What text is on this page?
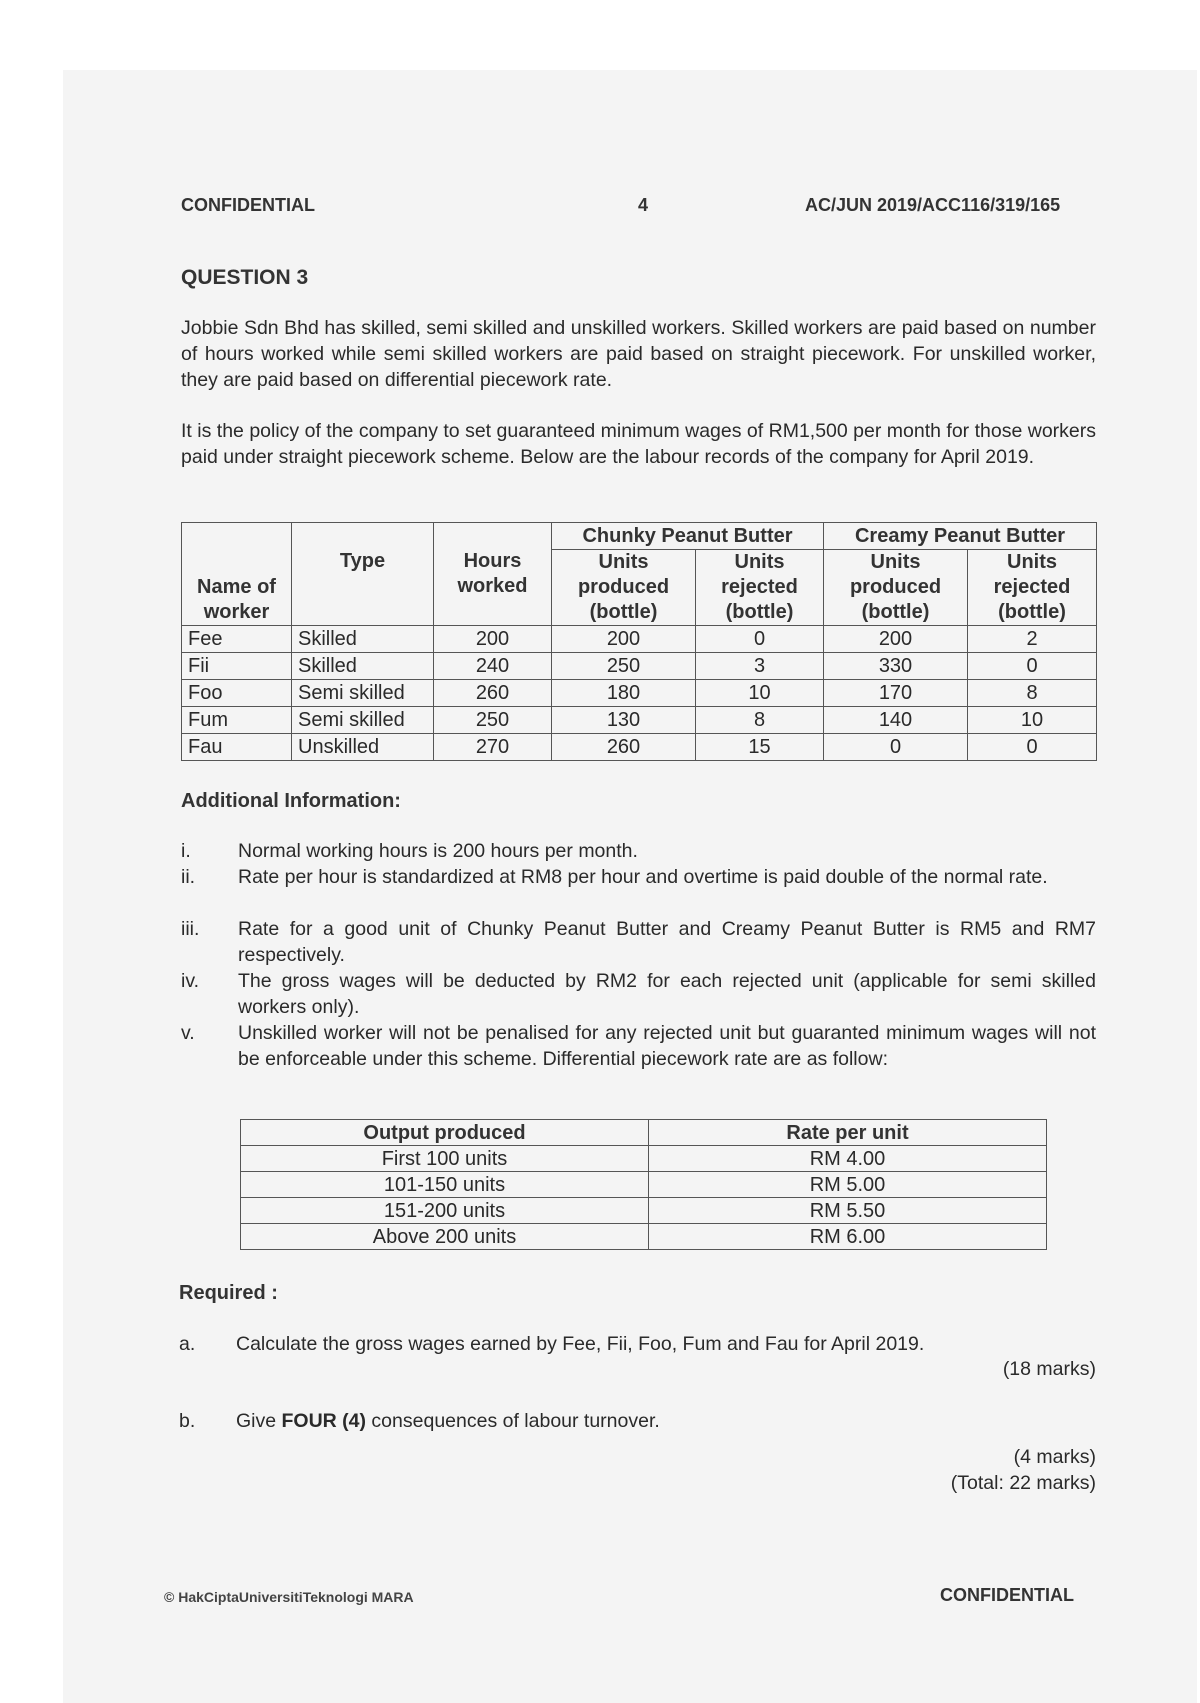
CONFIDENTIAL	4	AC/JUN 2019/ACC116/319/165
QUESTION 3

Jobbie Sdn Bhd has skilled, semi skilled and unskilled workers. Skilled workers are paid based on number of hours worked while semi skilled workers are paid based on straight piecework. For unskilled worker, they are paid based on differential piecework rate.

It is the policy of the company to set guaranteed minimum wages of RM1,500 per month for those workers paid under straight piecework scheme. Below are the labour records of the company for April 2019.

Name of worker	Type	Hours worked	Chunky Peanut Butter		Creamy Peanut Butter	
			Units produced (bottle)	Units rejected (bottle)	Units produced (bottle)	Units rejected (bottle)
Fee	Skilled	200	200	0	200	2
Fii	Skilled	240	250	3	330	0
Foo	Semi skilled	260	180	10	170	8
Fum	Semi skilled	250	130	8	140	10
Fau	Unskilled	270	260	15	0	0
Additional Information:
i. Normal working hours is 200 hours per month.
ii. Rate per hour is standardized at RM8 per hour and overtime is paid double of the normal rate.
iii. Rate for a good unit of Chunky Peanut Butter and Creamy Peanut Butter is RM5 and RM7 respectively.
iv. The gross wages will be deducted by RM2 for each rejected unit (applicable for semi skilled workers only).
v. Unskilled worker will not be penalised for any rejected unit but guaranted minimum wages will not be enforceable under this scheme. Differential piecework rate are as follow:
Output produced	Rate per unit
First 100 units	RM 4.00
101-150 units	RM 5.00
151-200 units	RM 5.50
Above 200 units	RM 6.00
Required :
a. Calculate the gross wages earned by Fee, Fii, Foo, Fum and Fau for April 2019.
(18 marks)
b. Give FOUR (4) consequences of labour turnover.
(4 marks)
(Total: 22 marks)
© HakCiptaUniversitiTeknologi MARA	CONFIDENTIAL
